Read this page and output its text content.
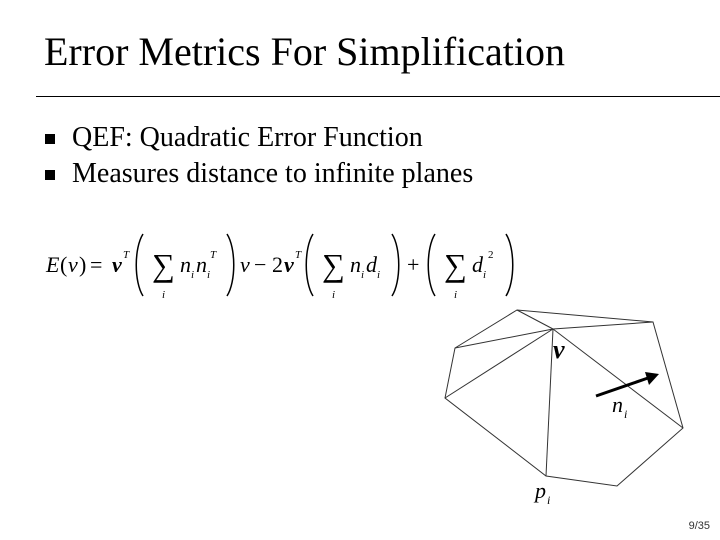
Error Metrics For Simplification
QEF: Quadratic Error Function
Measures distance to infinite planes
E ( v ) = v T ∑
i
n i n i
T v − 2 v T ∑
i
n i d i + ∑
i
d i
2
v
n i
p i
9/35
